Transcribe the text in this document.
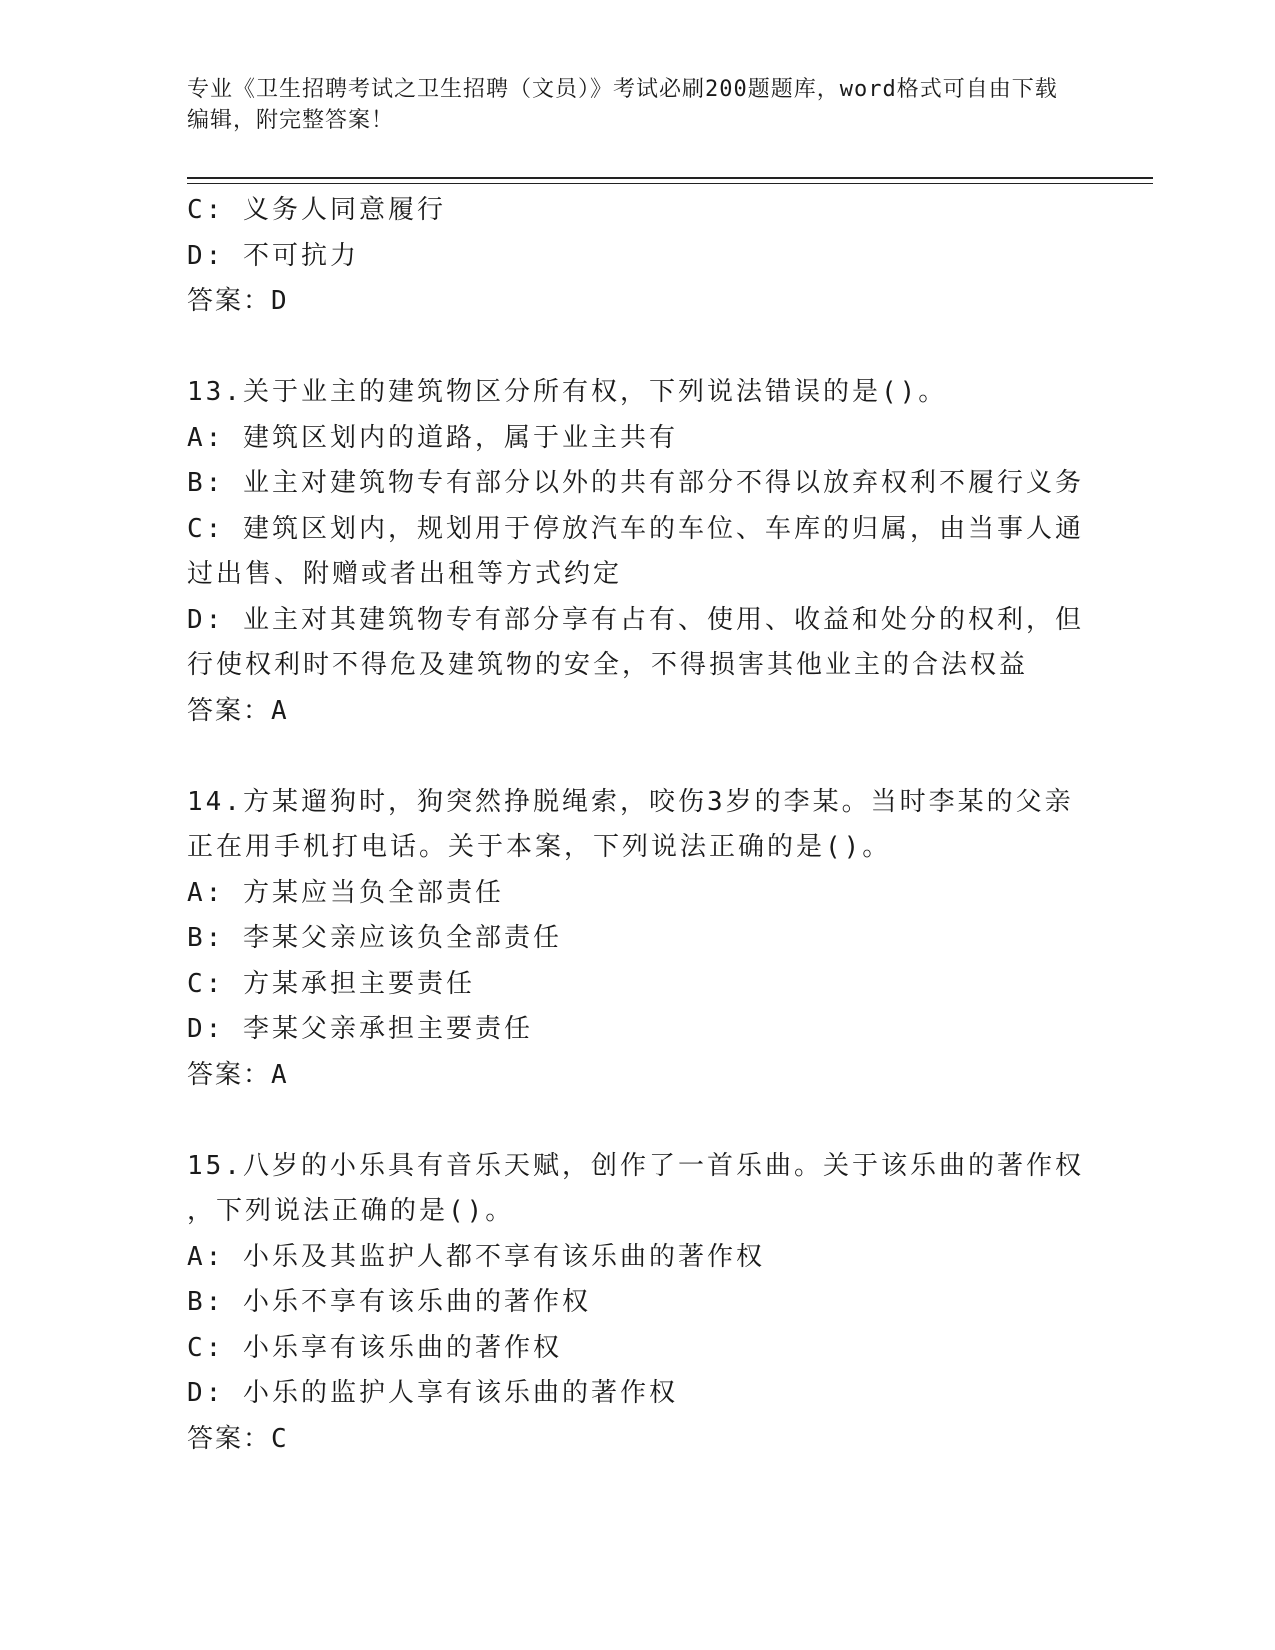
专业《卫生招聘考试之卫生招聘（文员）》考试必刷200题题库，word格式可自由下载编辑，附完整答案！
C: 义务人同意履行
D: 不可抗力
答案：D
13.关于业主的建筑物区分所有权，下列说法错误的是()。
A: 建筑区划内的道路，属于业主共有
B: 业主对建筑物专有部分以外的共有部分不得以放弃权利不履行义务
C: 建筑区划内，规划用于停放汽车的车位、车库的归属，由当事人通
过出售、附赠或者出租等方式约定
D: 业主对其建筑物专有部分享有占有、使用、收益和处分的权利，但
行使权利时不得危及建筑物的安全，不得损害其他业主的合法权益
答案：A
14.方某遛狗时，狗突然挣脱绳索，咬伤3岁的李某。当时李某的父亲
正在用手机打电话。关于本案，下列说法正确的是()。
A: 方某应当负全部责任
B: 李某父亲应该负全部责任
C: 方某承担主要责任
D: 李某父亲承担主要责任
答案：A
15.八岁的小乐具有音乐天赋，创作了一首乐曲。关于该乐曲的著作权
，下列说法正确的是()。
A: 小乐及其监护人都不享有该乐曲的著作权
B: 小乐不享有该乐曲的著作权
C: 小乐享有该乐曲的著作权
D: 小乐的监护人享有该乐曲的著作权
答案：C
